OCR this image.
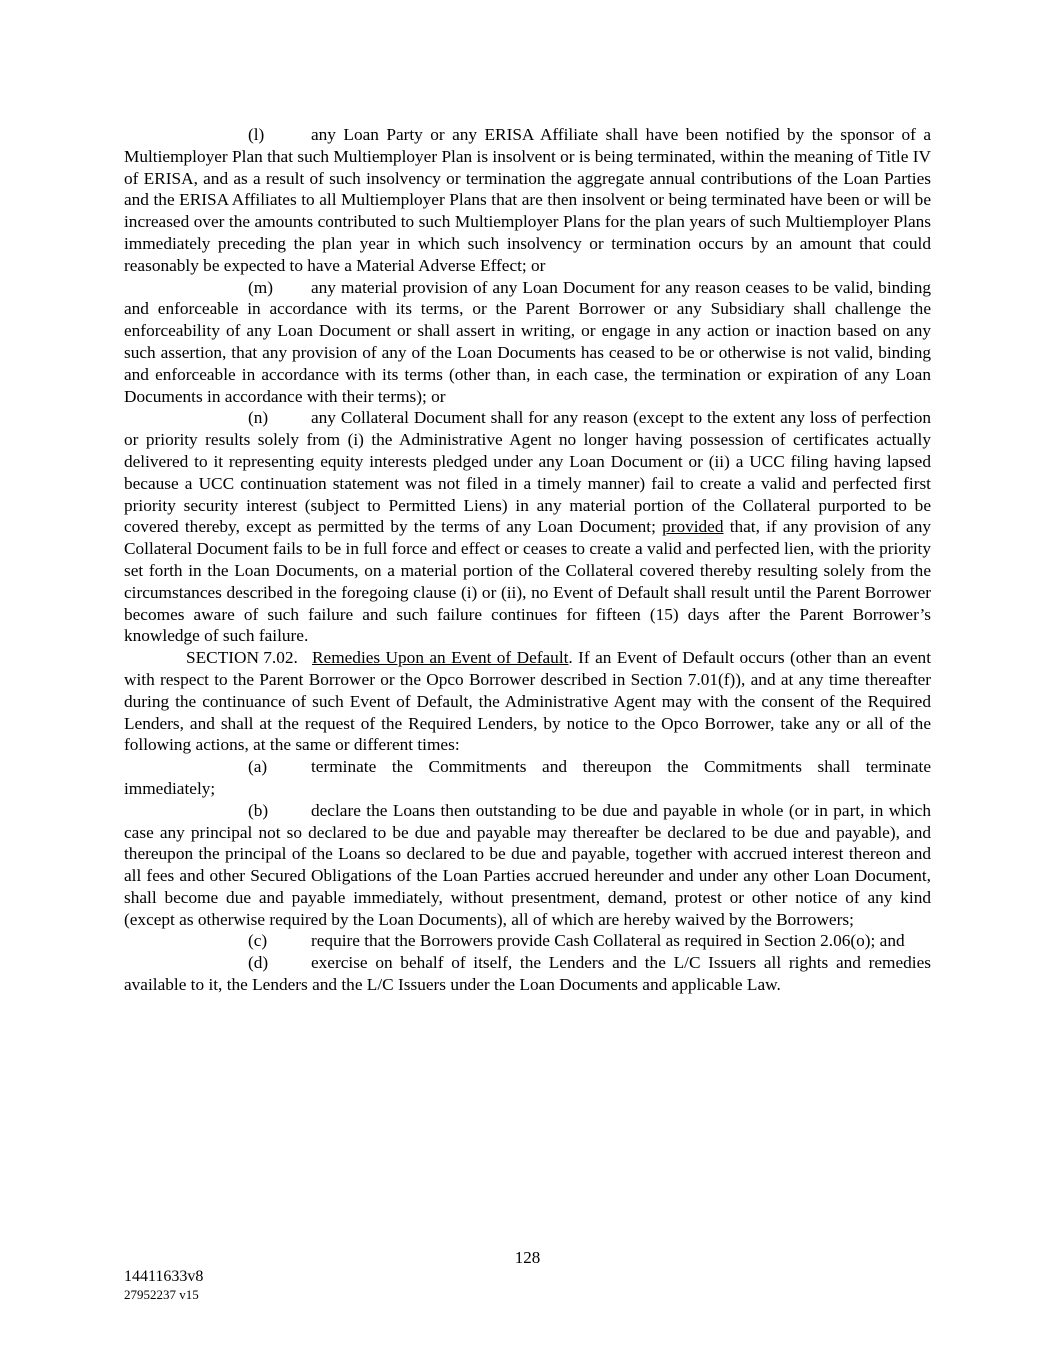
(l)	any Loan Party or any ERISA Affiliate shall have been notified by the sponsor of a Multiemployer Plan that such Multiemployer Plan is insolvent or is being terminated, within the meaning of Title IV of ERISA, and as a result of such insolvency or termination the aggregate annual contributions of the Loan Parties and the ERISA Affiliates to all Multiemployer Plans that are then insolvent or being terminated have been or will be increased over the amounts contributed to such Multiemployer Plans for the plan years of such Multiemployer Plans immediately preceding the plan year in which such insolvency or termination occurs by an amount that could reasonably be expected to have a Material Adverse Effect; or

(m) any material provision of any Loan Document for any reason ceases to be valid, binding and enforceable in accordance with its terms, or the Parent Borrower or any Subsidiary shall challenge the enforceability of any Loan Document or shall assert in writing, or engage in any action or inaction based on any such assertion, that any provision of any of the Loan Documents has ceased to be or otherwise is not valid, binding and enforceable in accordance with its terms (other than, in each case, the termination or expiration of any Loan Documents in accordance with their terms); or

(n) any Collateral Document shall for any reason (except to the extent any loss of perfection or priority results solely from (i) the Administrative Agent no longer having possession of certificates actually delivered to it representing equity interests pledged under any Loan Document or (ii) a UCC filing having lapsed because a UCC continuation statement was not filed in a timely manner) fail to create a valid and perfected first priority security interest (subject to Permitted Liens) in any material portion of the Collateral purported to be covered thereby, except as permitted by the terms of any Loan Document; provided that, if any provision of any Collateral Document fails to be in full force and effect or ceases to create a valid and perfected lien, with the priority set forth in the Loan Documents, on a material portion of the Collateral covered thereby resulting solely from the circumstances described in the foregoing clause (i) or (ii), no Event of Default shall result until the Parent Borrower becomes aware of such failure and such failure continues for fifteen (15) days after the Parent Borrower’s knowledge of such failure.

SECTION 7.02. Remedies Upon an Event of Default. If an Event of Default occurs (other than an event with respect to the Parent Borrower or the Opco Borrower described in Section 7.01(f)), and at any time thereafter during the continuance of such Event of Default, the Administrative Agent may with the consent of the Required Lenders, and shall at the request of the Required Lenders, by notice to the Opco Borrower, take any or all of the following actions, at the same or different times:

(a)	terminate the Commitments and thereupon the Commitments shall terminate immediately;

(b) declare the Loans then outstanding to be due and payable in whole (or in part, in which case any principal not so declared to be due and payable may thereafter be declared to be due and payable), and thereupon the principal of the Loans so declared to be due and payable, together with accrued interest thereon and all fees and other Secured Obligations of the Loan Parties accrued hereunder and under any other Loan Document, shall become due and payable immediately, without presentment, demand, protest or other notice of any kind (except as otherwise required by the Loan Documents), all of which are hereby waived by the Borrowers;

(c)	require that the Borrowers provide Cash Collateral as required in Section 2.06(o); and

(d) exercise on behalf of itself, the Lenders and the L/C Issuers all rights and remedies available to it, the Lenders and the L/C Issuers under the Loan Documents and applicable Law.

128
14411633v8
27952237 v15
